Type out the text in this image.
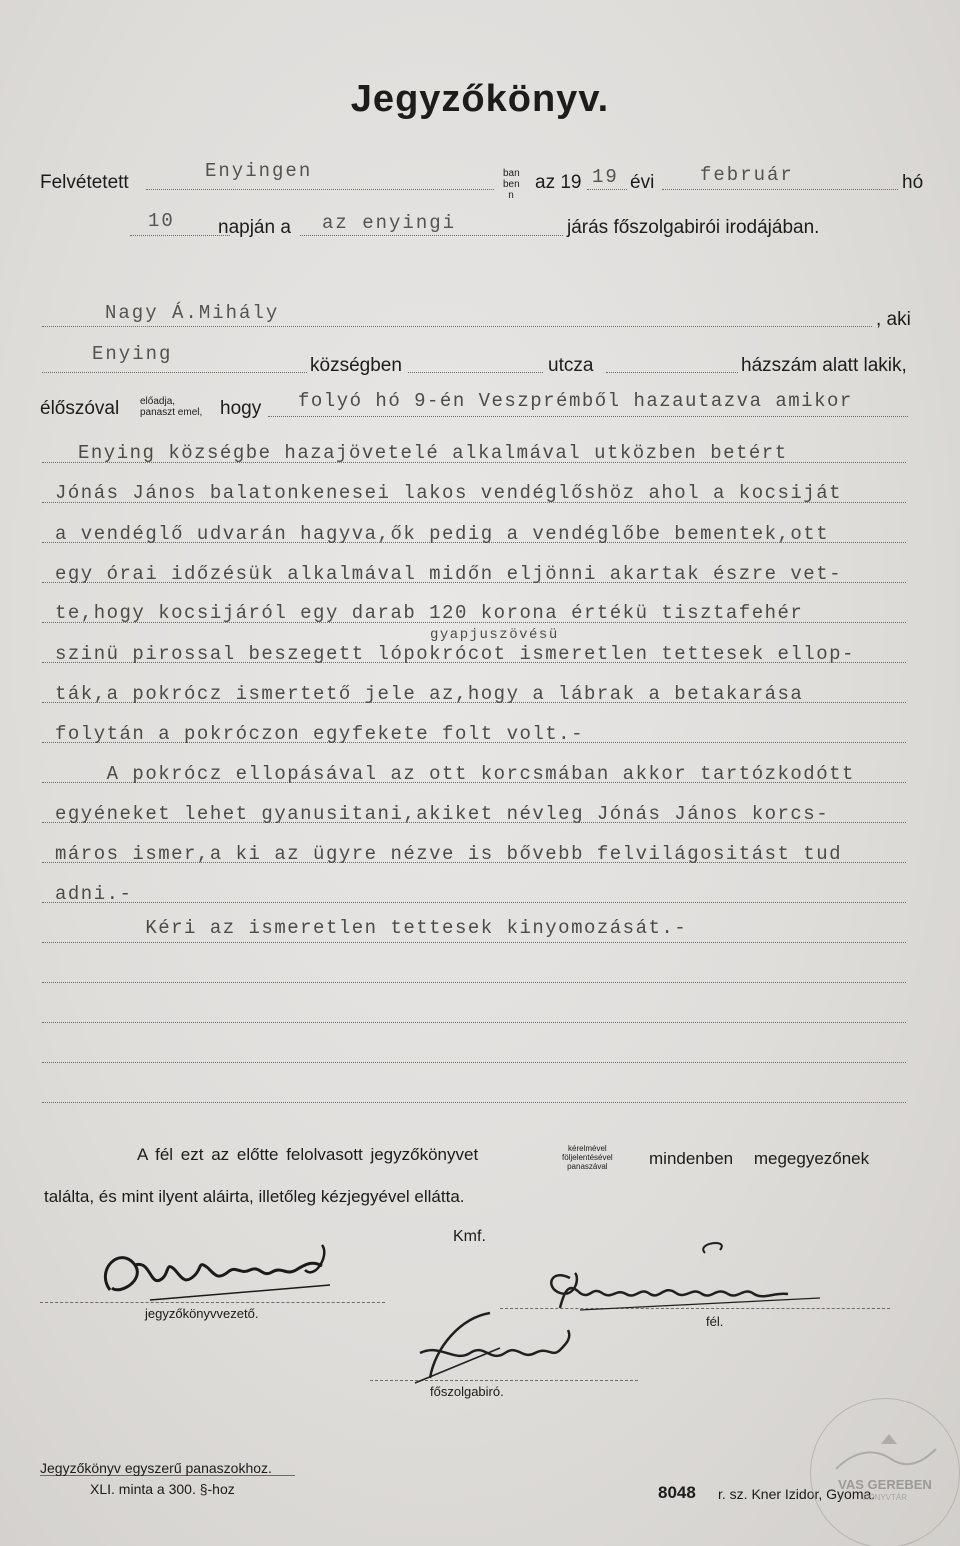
Jegyzőkönyv.
Felvétetett
Enyingen	ban
ben
n
az 19 19 évi február	hó
10 napján a az enyingi	járás főszolgabirói irodájában.
Nagy Á.Mihály	, aki
Enying
községben	utcza	házszám alatt lakik,
élőszóval előadja,
panaszt emel, hogy folyó hó 9-én Veszprémből hazautazva amikor
Enying községbe hazajövetelé alkalmával utközben betért
Jónás János balatonkenesei lakos vendéglőshöz ahol a kocsiját
a vendéglő udvarán hagyva,ők pedig a vendéglőbe bementek,ott
egy órai időzésük alkalmával midőn eljönni akartak észre vet-
te,hogy kocsijáról egy darab 120 korona értékü tisztafehér
gyapjuszövésü
szinü pirossal beszegett lópokrócot ismeretlen tettesek ellop-
ták,a pokrócz ismertető jele az,hogy a lábrak a betakarása
folytán a pokróczon egyfekete folt volt.-
A pokrócz ellopásával az ott korcsmában akkor tartózkodótt
egyéneket lehet gyanusitani,akiket névleg Jónás János korcs-
máros ismer,a ki az ügyre nézve is bővebb felvilágositást tud
adni.-
Kéri az ismeretlen tettesek kinyomozását.-
A fél ezt az előtte felolvasott jegyzőkönyvet	kérelmével
följelentésével
panaszával	mindenben megegyezőnek
találta, és mint ilyent aláirta, illetőleg kézjegyével ellátta.
Kmf.
jegyzőkönyvvezető.
fél.
főszolgabiró.
Jegyzőkönyv egyszerű panaszokhoz.
XLI. minta a 300. §-hoz	8048 r. sz. Kner Izidor, Gyoma.
VAS GEREBEN
KÖNYVTÁR
